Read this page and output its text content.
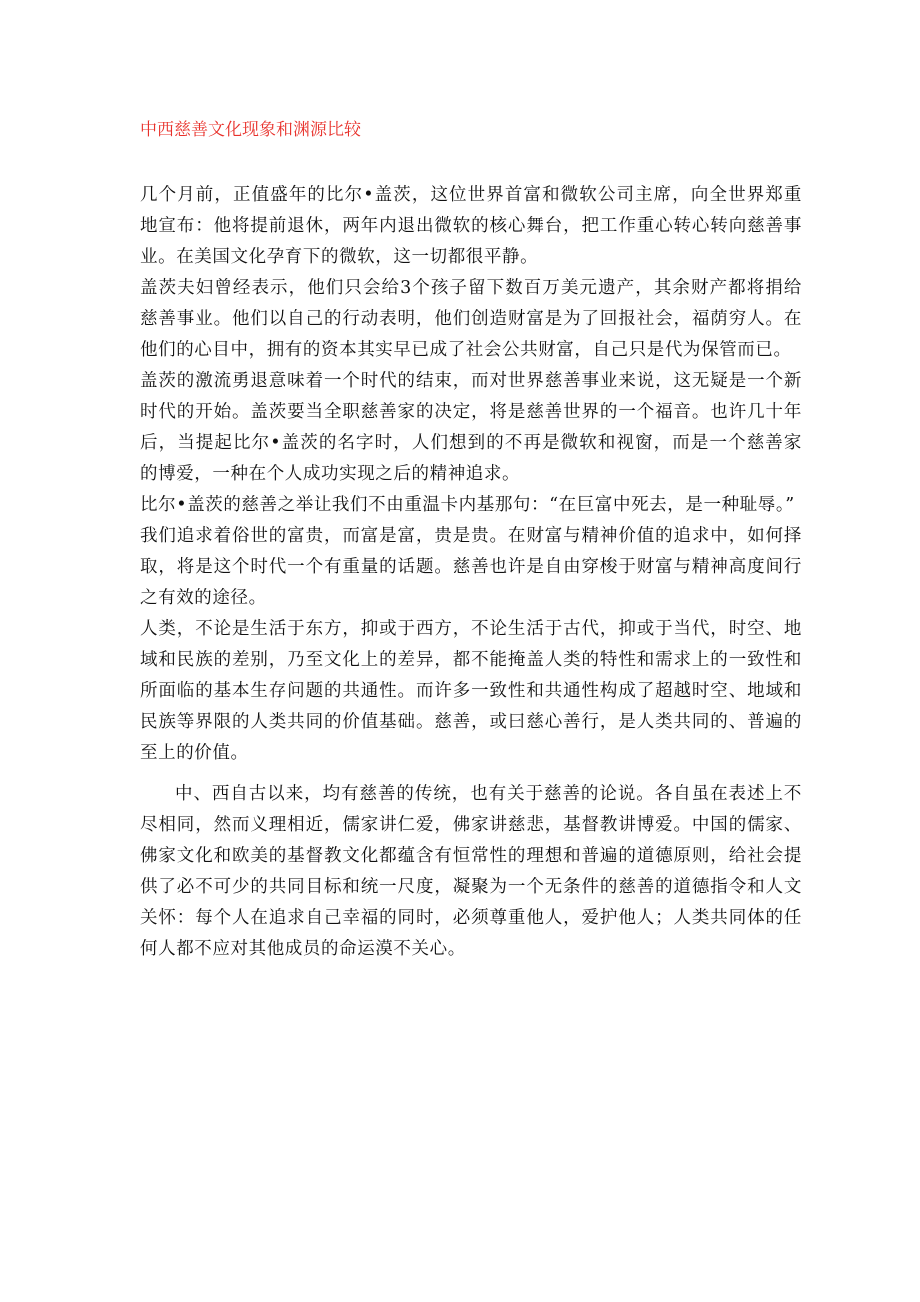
中西慈善文化现象和渊源比较

几个月前，正值盛年的比尔•盖茨，这位世界首富和微软公司主席，向全世界郑重地宣布：他将提前退休，两年内退出微软的核心舞台，把工作重心转心转向慈善事业。在美国文化孕育下的微软，这一切都很平静。

盖茨夫妇曾经表示，他们只会给3个孩子留下数百万美元遗产，其余财产都将捐给慈善事业。他们以自己的行动表明，他们创造财富是为了回报社会，福荫穷人。在他们的心目中，拥有的资本其实早已成了社会公共财富，自己只是代为保管而已。

盖茨的激流勇退意味着一个时代的结束，而对世界慈善事业来说，这无疑是一个新时代的开始。盖茨要当全职慈善家的决定，将是慈善世界的一个福音。也许几十年后，当提起比尔•盖茨的名字时，人们想到的不再是微软和视窗，而是一个慈善家的博爱，一种在个人成功实现之后的精神追求。

比尔•盖茨的慈善之举让我们不由重温卡内基那句：“在巨富中死去，是一种耻辱。”

我们追求着俗世的富贵，而富是富，贵是贵。在财富与精神价值的追求中，如何择取，将是这个时代一个有重量的话题。慈善也许是自由穿梭于财富与精神高度间行之有效的途径。

人类，不论是生活于东方，抑或于西方，不论生活于古代，抑或于当代，时空、地域和民族的差别，乃至文化上的差异，都不能掩盖人类的特性和需求上的一致性和所面临的基本生存问题的共通性。而许多一致性和共通性构成了超越时空、地域和民族等界限的人类共同的价值基础。慈善，或曰慈心善行，是人类共同的、普遍的至上的价值。

中、西自古以来，均有慈善的传统，也有关于慈善的论说。各自虽在表述上不尽相同，然而义理相近，儒家讲仁爱，佛家讲慈悲，基督教讲博爱。中国的儒家、佛家文化和欧美的基督教文化都蕴含有恒常性的理想和普遍的道德原则，给社会提供了必不可少的共同目标和统一尺度，凝聚为一个无条件的慈善的道德指令和人文关怀：每个人在追求自己幸福的同时，必须尊重他人，爱护他人；人类共同体的任何人都不应对其他成员的命运漠不关心。
